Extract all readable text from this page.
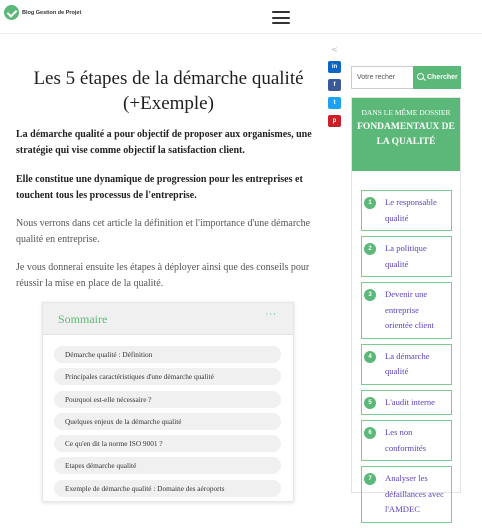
Blog Gestion de Projet
<
in
f
t
p
Les 5 étapes de la démarche qualité (+Exemple)

La démarche qualité a pour objectif de proposer aux organismes, une stratégie qui vise comme objectif la satisfaction client.

Elle constitue une dynamique de progression pour les entreprises et touchent tous les processus de l'entreprise.

Nous verrons dans cet article la définition et l'importance d'une démarche qualité en entreprise.

Je vous donnerai ensuite les étapes à déployer ainsi que des conseils pour réussir la mise en place de la qualité.

Sommaire	···
Démarche qualité : Définition
Principales caractéristiques d'une démarche qualité
Pourquoi est-elle nécessaire ?
Quelques enjeux de la démarche qualité
Ce qu'en dit la norme ISO 9001 ?
Etapes démarche qualité
Exemple de démarche qualité : Domaine des aéroports
Votre recher	Chercher
DANS LE MÊME DOSSIER
FONDAMENTAUX DE LA QUALITÉ
1	Le responsable qualité
2	La politique qualité
3	Devenir une entreprise orientée client
4	La démarche qualité
5	L'audit interne
6	Les non conformités
7	Analyser les défaillances avec l'AMDEC
